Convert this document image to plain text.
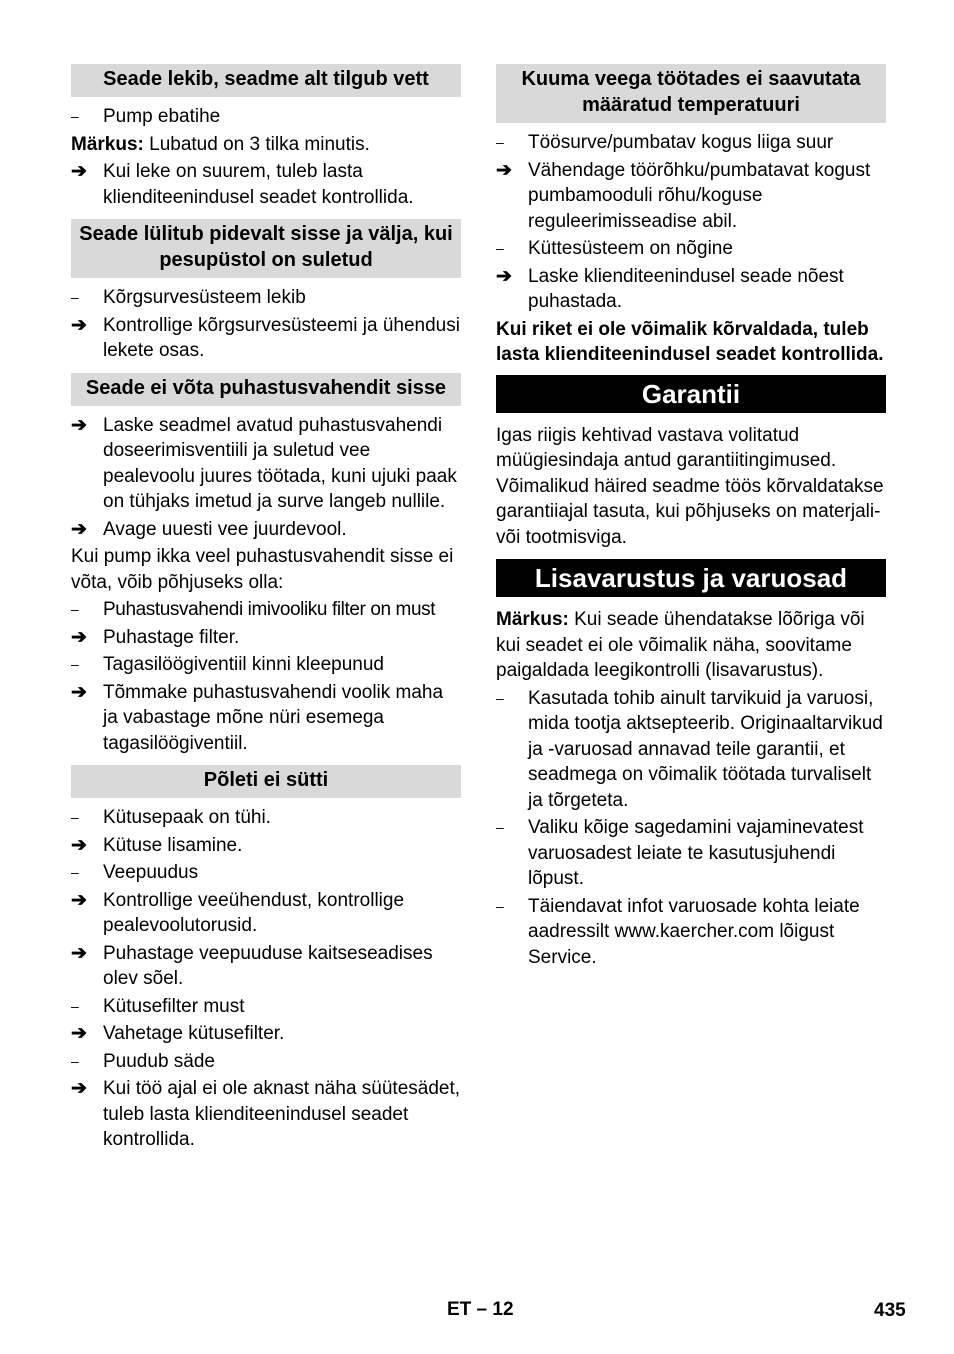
Seade lekib, seadme alt tilgub vett
–	Pump ebatihe
Märkus: Lubatud on 3 tilka minutis.
➔ Kui leke on suurem, tuleb lasta klienditeenindusel seadet kontrollida.
Seade lülitub pidevalt sisse ja välja, kui pesupüstol on suletud
–	Kõrgsurvesüsteem lekib
➔ Kontrollige kõrgsurvesüsteemi ja ühendusi lekete osas.
Seade ei võta puhastusvahendit sisse
➔ Laske seadmel avatud puhastusvahendi doseerimisventiili ja suletud vee pealevoolu juures töötada, kuni ujuki paak on tühjaks imetud ja surve langeb nullile.
➔ Avage uuesti vee juurdevool.
Kui pump ikka veel puhastusvahendit sisse ei võta, võib põhjuseks olla:
–	Puhastusvahendi imivooliku filter on must
➔ Puhastage filter.
–	Tagasilöögiventiil kinni kleepunud
➔ Tõmmake puhastusvahendi voolik maha ja vabastage mõne nüri esemega tagasilöögiventiil.
Põleti ei sütti
–	Kütusepaak on tühi.
➔ Kütuse lisamine.
–	Veepuudus
➔ Kontrollige veeühendust, kontrollige pealevoolutorusid.
➔ Puhastage veepuuduse kaitseseadises olev sõel.
–	Kütusefilter must
➔ Vahetage kütusefilter.
–	Puudub säde
➔ Kui töö ajal ei ole aknast näha süütesädet, tuleb lasta klienditeenindusel seadet kontrollida.
Kuuma veega töötades ei saavutata määratud temperatuuri
–	Töösurve/pumbatav kogus liiga suur
➔ Vähendage töörõhku/pumbatavat kogust pumbamooduli rõhu/koguse reguleerimisseadise abil.
–	Küttesüsteem on nõgine
➔ Laske klienditeenindusel seade nõest puhastada.
Kui riket ei ole võimalik kõrvaldada, tuleb lasta klienditeenindusel seadet kontrollida.
Garantii
Igas riigis kehtivad vastava volitatud müügiesindaja antud garantiitingimused. Võimalikud häired seadme töös kõrvaldatakse garantiiajal tasuta, kui põhjuseks on materjali- või tootmisviga.
Lisavarustus ja varuosad
Märkus: Kui seade ühendatakse lõõriga või kui seadet ei ole võimalik näha, soovitame paigaldada leegikontrolli (lisavarustus).
–	Kasutada tohib ainult tarvikuid ja varuosi, mida tootja aktsepteerib. Originaaltarvikud ja -varuosad annavad teile garantii, et seadmega on võimalik töötada turvaliselt ja tõrgeteta.
–	Valiku kõige sagedamini vajaminevatest varuosadest leiate te kasutusjuhendi lõpust.
–	Täiendavat infot varuosade kohta leiate aadressilt www.kaercher.com lõigust Service.
ET – 12	435
